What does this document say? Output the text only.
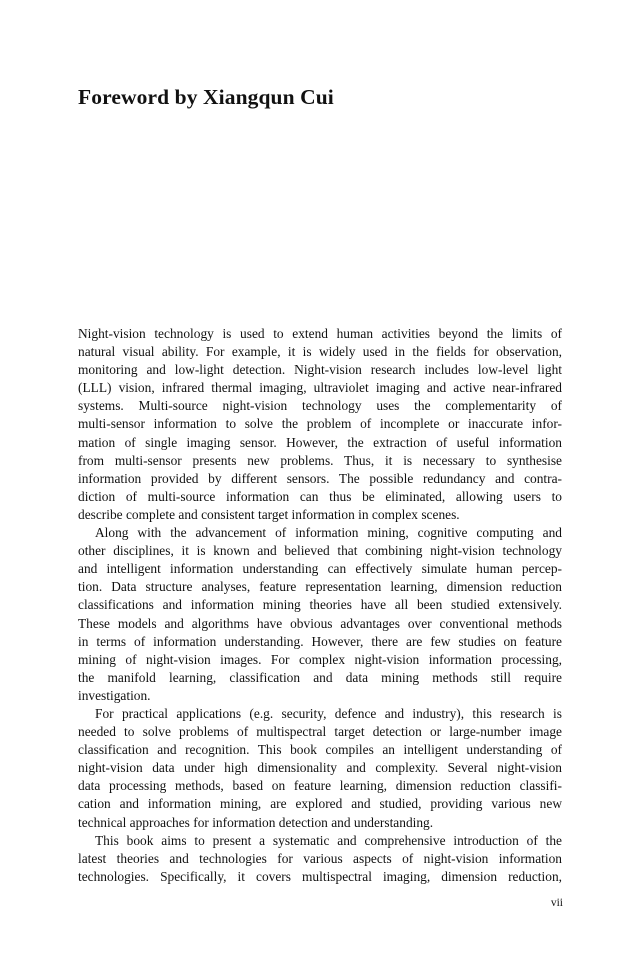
Foreword by Xiangqun Cui
Night-vision technology is used to extend human activities beyond the limits of
natural visual ability. For example, it is widely used in the fields for observation,
monitoring and low-light detection. Night-vision research includes low-level light
(LLL) vision, infrared thermal imaging, ultraviolet imaging and active near-infrared
systems. Multi-source night-vision technology uses the complementarity of
multi-sensor information to solve the problem of incomplete or inaccurate infor-
mation of single imaging sensor. However, the extraction of useful information
from multi-sensor presents new problems. Thus, it is necessary to synthesise
information provided by different sensors. The possible redundancy and contra-
diction of multi-source information can thus be eliminated, allowing users to
describe complete and consistent target information in complex scenes.
Along with the advancement of information mining, cognitive computing and
other disciplines, it is known and believed that combining night-vision technology
and intelligent information understanding can effectively simulate human percep-
tion. Data structure analyses, feature representation learning, dimension reduction
classifications and information mining theories have all been studied extensively.
These models and algorithms have obvious advantages over conventional methods
in terms of information understanding. However, there are few studies on feature
mining of night-vision images. For complex night-vision information processing,
the manifold learning, classification and data mining methods still require
investigation.
For practical applications (e.g. security, defence and industry), this research is
needed to solve problems of multispectral target detection or large-number image
classification and recognition. This book compiles an intelligent understanding of
night-vision data under high dimensionality and complexity. Several night-vision
data processing methods, based on feature learning, dimension reduction classifi-
cation and information mining, are explored and studied, providing various new
technical approaches for information detection and understanding.
This book aims to present a systematic and comprehensive introduction of the
latest theories and technologies for various aspects of night-vision information
technologies. Specifically, it covers multispectral imaging, dimension reduction,
vii
